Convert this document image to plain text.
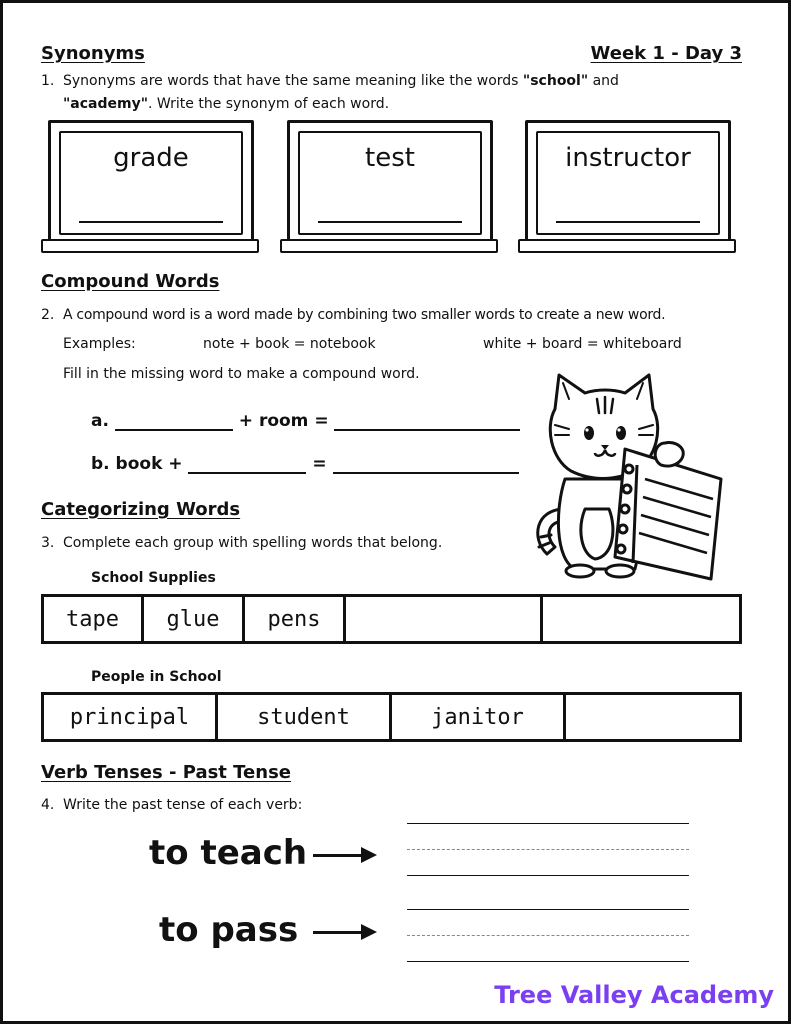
Synonyms	Week 1 - Day 3
1. Synonyms are words that have the same meaning like the words "school" and
"academy". Write the synonym of each word.
grade	test	instructor
Compound Words
2. A compound word is a word made by combining two smaller words to create a new word.
Examples:	note + book = notebook	white + board = whiteboard
Fill in the missing word to make a compound word.
a.	+ room =
b. book +	=
Categorizing Words
3. Complete each group with spelling words that belong.
School Supplies
tape	glue	pens
People in School
principal	student	janitor
Verb Tenses - Past Tense
4. Write the past tense of each verb:
to teach
to pass
Tree Valley Academy
